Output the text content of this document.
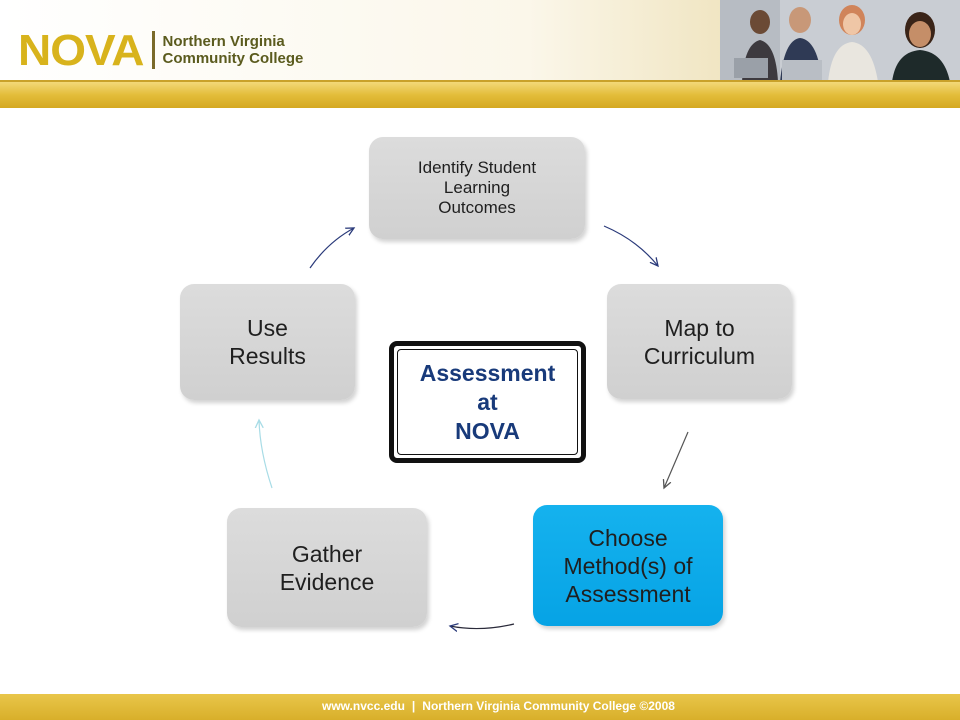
NOVA Northern Virginia
Community College
Identify Student
Learning
Outcomes
Map to
Curriculum
Choose
Method(s) of
Assessment
Gather
Evidence
Use
Results
Assessment
at
NOVA
www.nvcc.edu | Northern Virginia Community College ©2008
